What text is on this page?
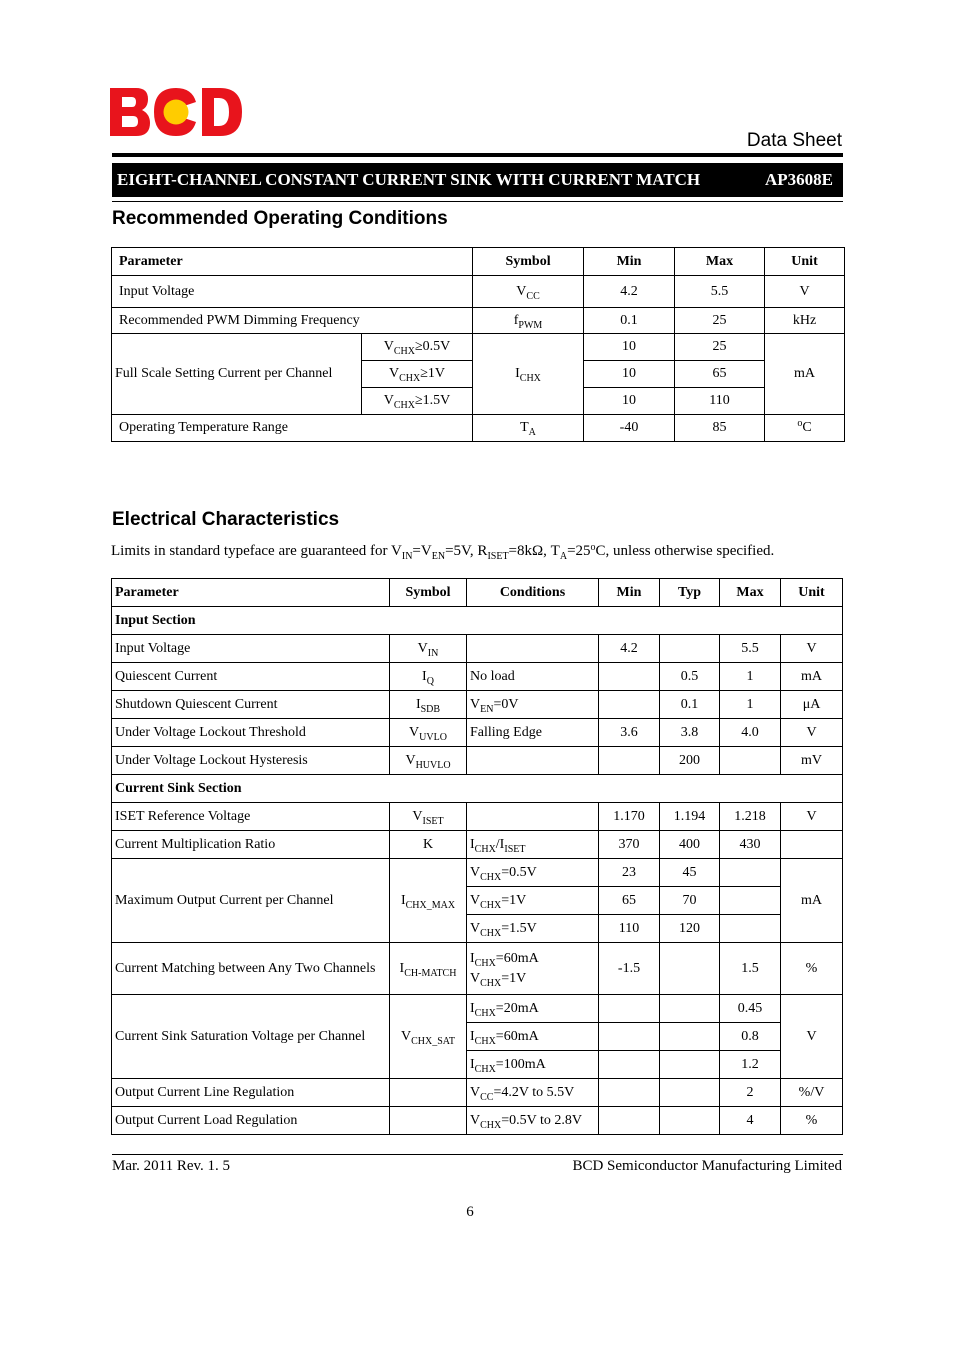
Data Sheet
EIGHT-CHANNEL CONSTANT CURRENT SINK WITH CURRENT MATCH	AP3608E
Recommended Operating Conditions
Parameter		Symbol	Min	Max	Unit
Input Voltage		$V_{CC}$	4.2	5.5	V
Recommended PWM Dimming Frequency		$f_{PWM}$	0.1	25	kHz
Full Scale Setting Current per Channel	$V_{CHX}\ge 0.5V$	$I_{CHX}$	10	25	mA
	$V_{CHX}\ge 1V$		10	65	
	$V_{CHX}\ge 1.5V$		10	110	
Operating Temperature Range		$T_A$	-40	85	$^o$C
Electrical Characteristics
Limits in standard typeface are guaranteed for $V_{IN}=V_{EN}=5V$, $R_{ISET}=8k\Omega$, $T_A=25^oC$, unless otherwise specified.
Parameter	Symbol	Conditions	Min	Typ	Max	Unit
Input Section						
Input Voltage	$V_{IN}$		4.2		5.5	V
Quiescent Current	$I_Q$	No load		0.5	1	mA
Shutdown Quiescent Current	$I_{SDB}$	$V_{EN}=0V$		0.1	1	μA
Under Voltage Lockout Threshold	$V_{UVLO}$	Falling Edge	3.6	3.8	4.0	V
Under Voltage Lockout Hysteresis	$V_{HUVLO}$			200		mV
Current Sink Section						
ISET Reference Voltage	$V_{ISET}$		1.170	1.194	1.218	V
Current Multiplication Ratio	K	$I_{CHX}/I_{ISET}$	370	400	430	
Maximum Output Current per Channel	$I_{CHX\_MAX}$	$V_{CHX}=0.5V$	23	45		mA
		$V_{CHX}=1V$	65	70		
		$V_{CHX}=1.5V$	110	120		
Current Matching between Any Two Channels	$I_{CH-MATCH}$	$I_{CHX}=60mA$
$V_{CHX}=1V$	-1.5		1.5	%
Current Sink Saturation Voltage per Channel	$V_{CHX\_SAT}$	$I_{CHX}=20mA$			0.45	V
		$I_{CHX}=60mA$			0.8	
		$I_{CHX}=100mA$			1.2	
Output Current Line Regulation		$V_{CC}=4.2V$ to 5.5V			2	%/V
Output Current Load Regulation		$V_{CHX}=0.5V$ to 2.8V			4	%
Mar. 2011 Rev. 1. 5	BCD Semiconductor Manufacturing Limited
6
